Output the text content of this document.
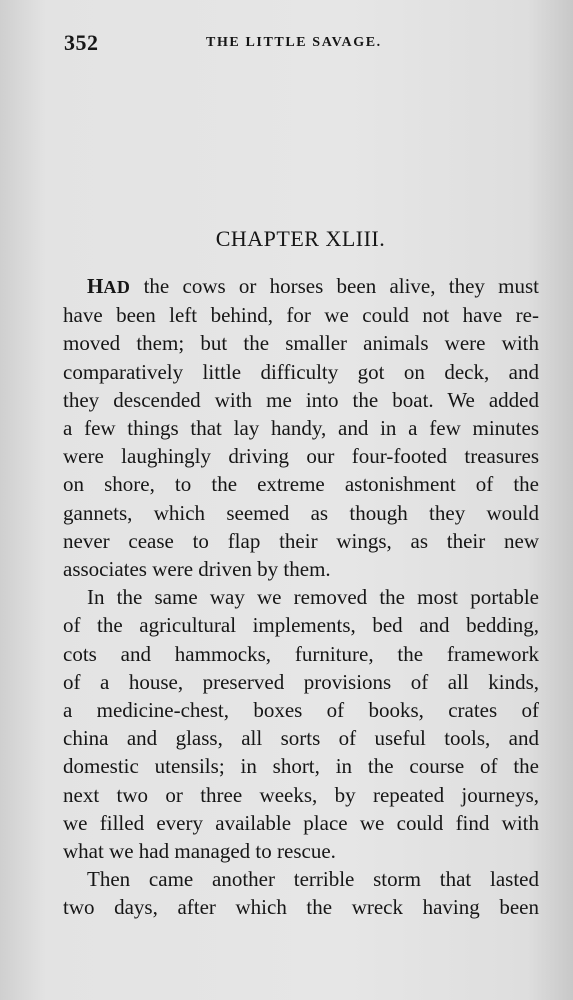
352	THE LITTLE SAVAGE.
CHAPTER XLIII.
HAD the cows or horses been alive, they must
have been left behind, for we could not have re-
moved them; but the smaller animals were with
comparatively little difficulty got on deck, and
they descended with me into the boat. We added
a few things that lay handy, and in a few minutes
were laughingly driving our four-footed treasures
on shore, to the extreme astonishment of the
gannets, which seemed as though they would
never cease to flap their wings, as their new
associates were driven by them.
In the same way we removed the most portable
of the agricultural implements, bed and bedding,
cots and hammocks, furniture, the framework
of a house, preserved provisions of all kinds,
a medicine-chest, boxes of books, crates of
china and glass, all sorts of useful tools, and
domestic utensils; in short, in the course of the
next two or three weeks, by repeated journeys,
we filled every available place we could find with
what we had managed to rescue.
Then came another terrible storm that lasted
two days, after which the wreck having been
